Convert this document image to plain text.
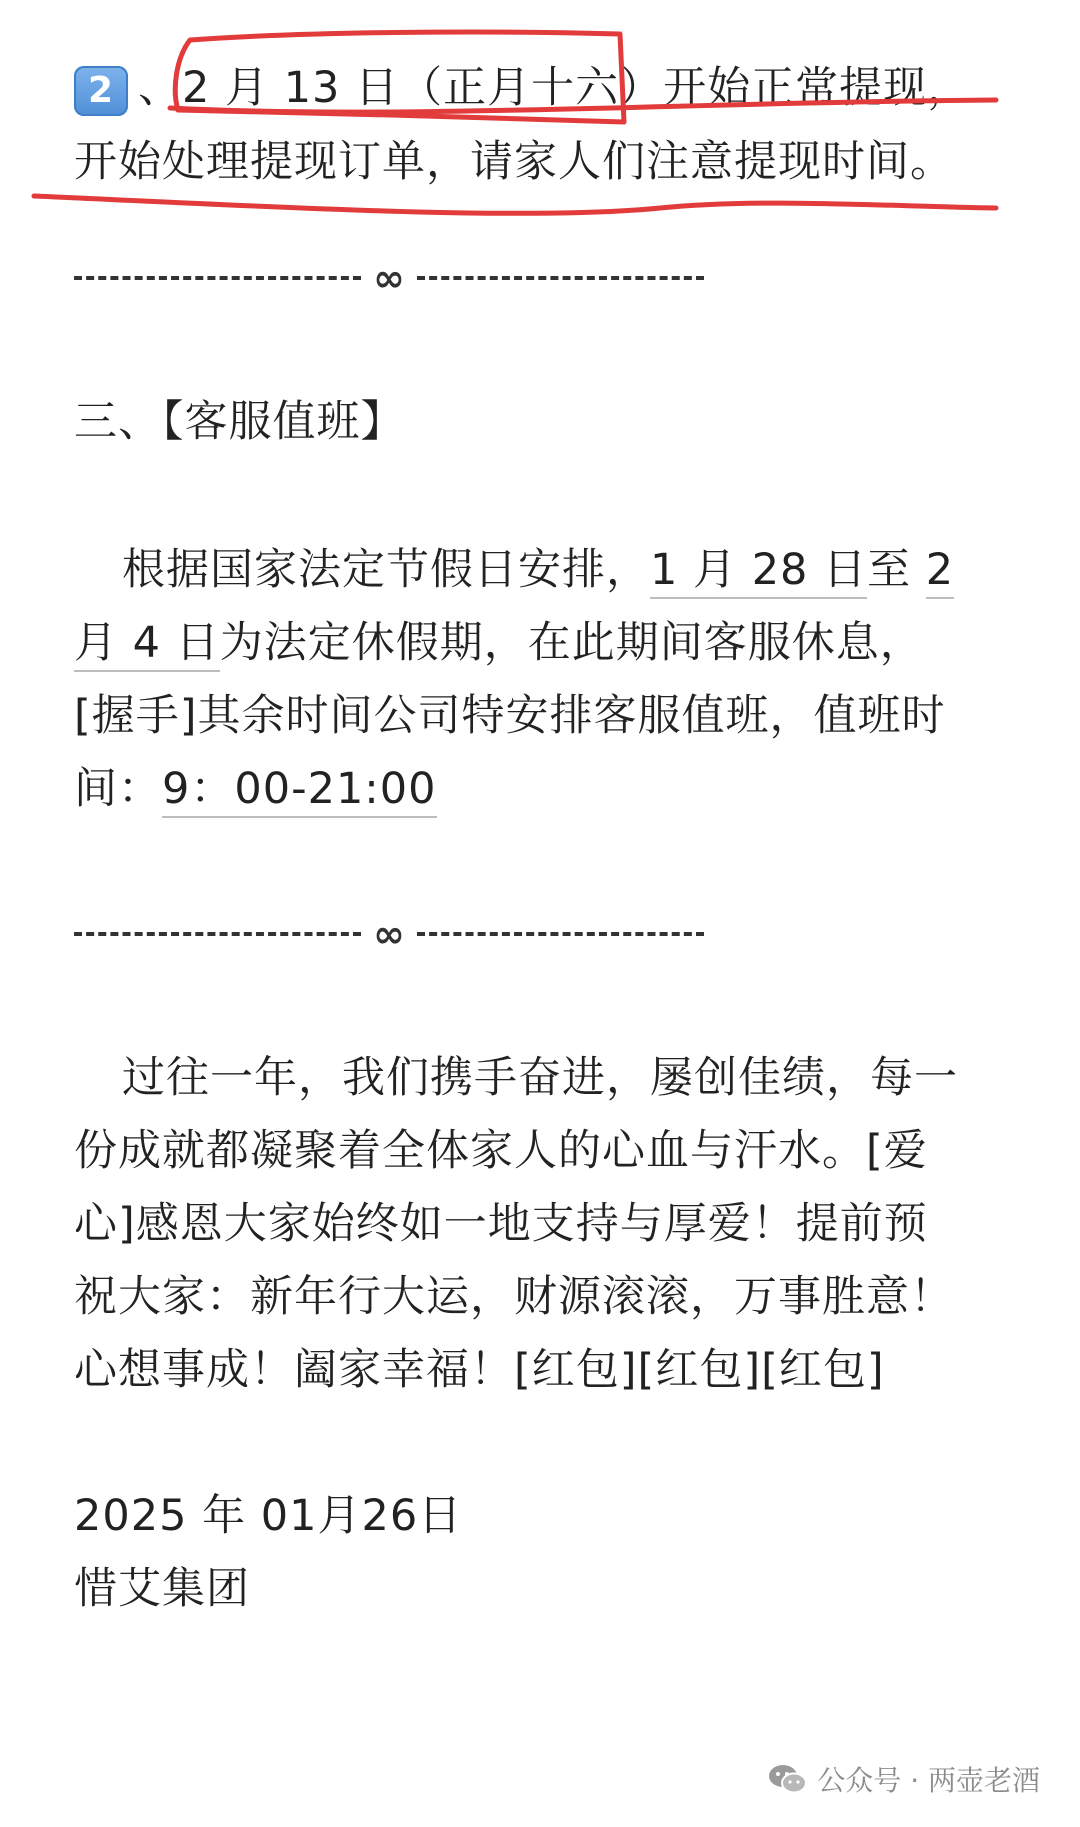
2 、2 月 13 日（正月十六）开始正常提现，
开始处理提现订单，请家人们注意提现时间。
∞
三、【客服值班】
根据国家法定节假日安排，1 月 28 日至 2
月 4 日为法定休假期，在此期间客服休息，
[握手]其余时间公司特安排客服值班，值班时
间：9：00-21:00
∞
过往一年，我们携手奋进，屡创佳绩，每一
份成就都凝聚着全体家人的心血与汗水。[爱
心]感恩大家始终如一地支持与厚爱！提前预
祝大家：新年行大运，财源滚滚，万事胜意！
心想事成！阖家幸福！[红包][红包][红包]
2025 年 01月26日
惜艾集团
公众号 · 两壶老酒
